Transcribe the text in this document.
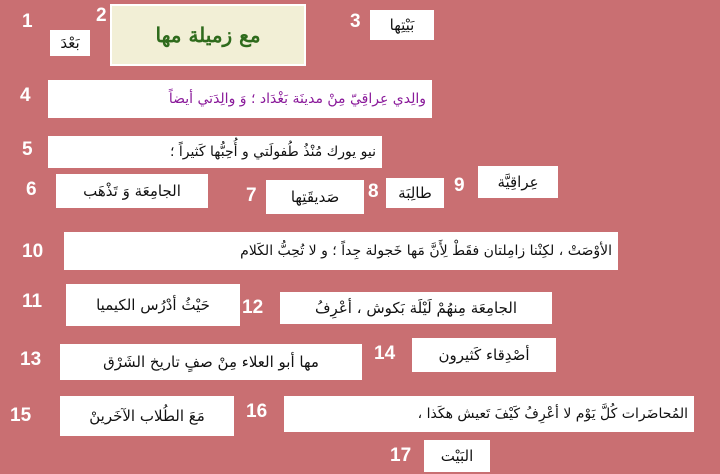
1
بَعْدَ
2
مع زميلة مها
3	بَيْتِها
4	والِدي عِراقِيّ مِنْ مدينَة بَغْدَاد ؛ وَ والِدَتي أيضاً
5	نيو يورك مُنْذُ طُفولَتي و أُحِبُّها كَثيراً ؛
6	الجامِعَة وَ تَذْهَب	7	صَديقَتِها	8	طالِبَة	9	عِراقِيَّة
10	الأوْصَتْ ، لكِنْنا زامِلتان فقَطْ لِأَنَّ مَها خَجولة جِداً ؛ و لا تُحِبُّ الكَلام
11	حَيْثُ أدْرُس الكيميا	12	الجامِعَة مِنهُمْ لَيْلَة بَكوش ، أعْرِفُ
13	مها أبو العلاء مِنْ صفٍ تاريخ الشَرْق	14	أصْدِقاء كَثيرون
15	مَعَ الطُلاب الآخَرينْ	16	المُحاضَرات كُلَّ يَوْم لا أعْرِفُ كَيْفَ تَعيش هكَذا ،
17	البَيْت
